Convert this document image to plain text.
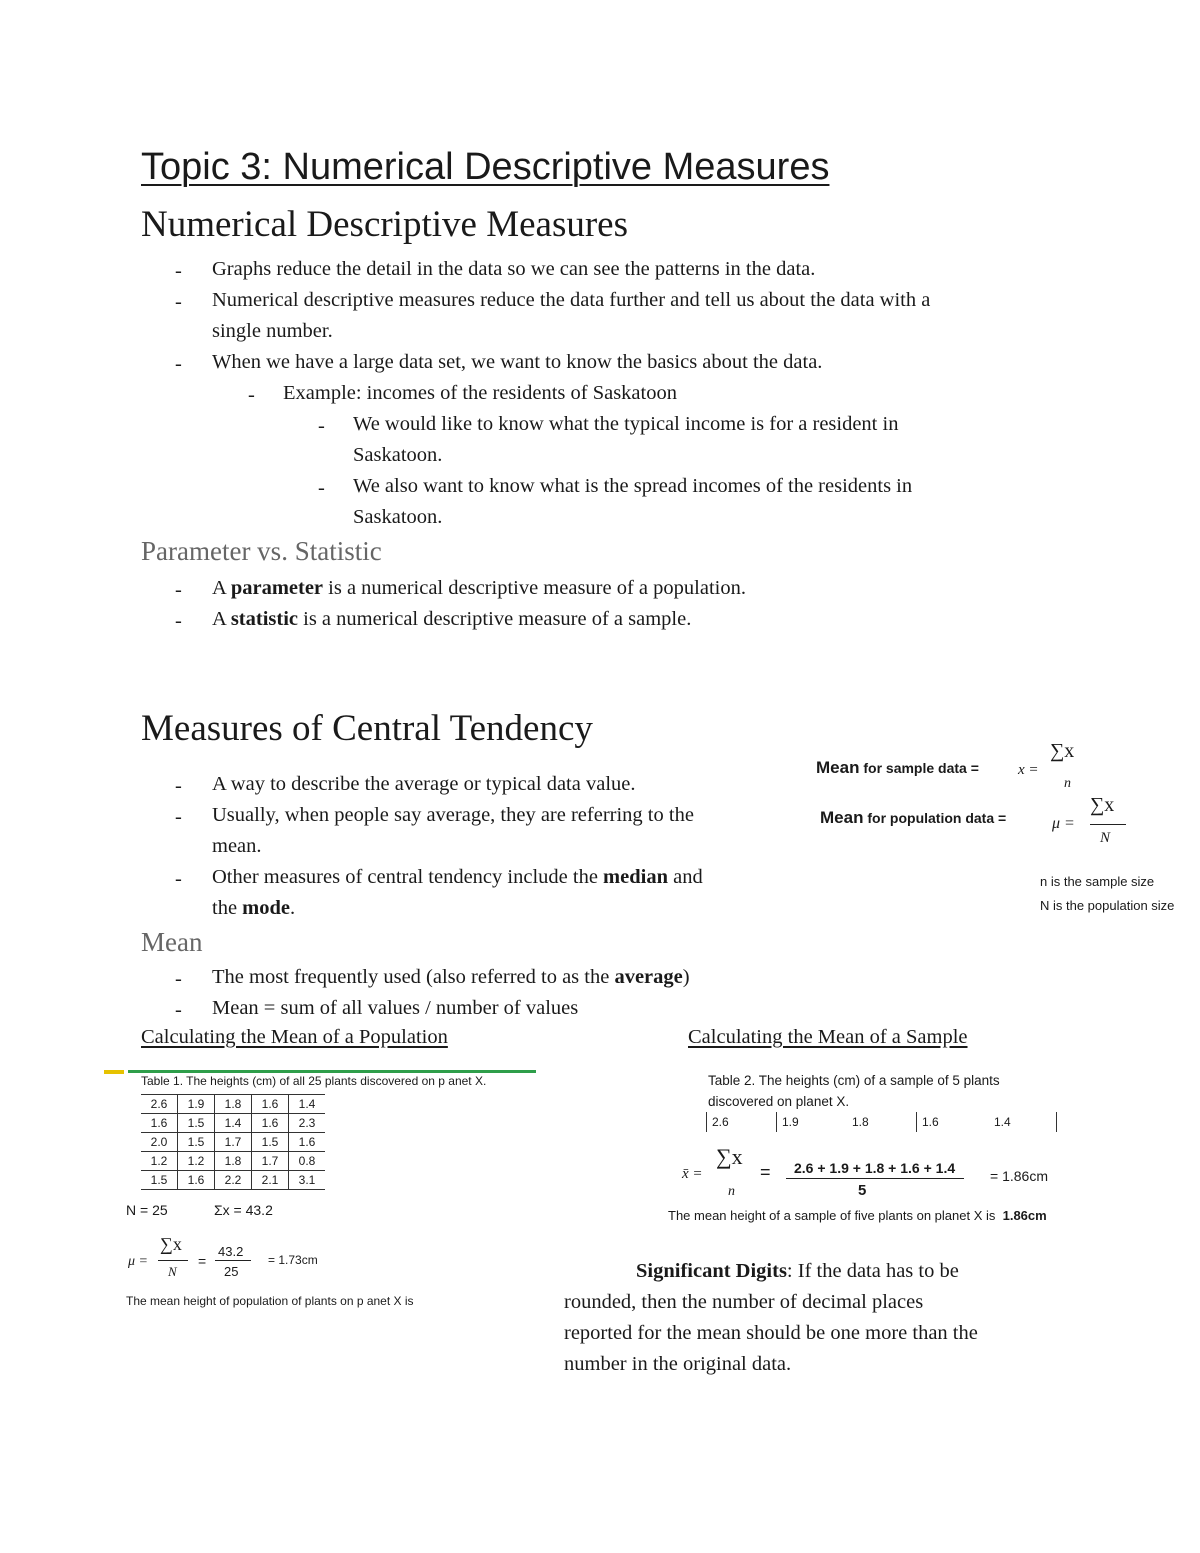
Topic 3: Numerical Descriptive Measures
Numerical Descriptive Measures
-	Graphs reduce the detail in the data so we can see the patterns in the data.
-	Numerical descriptive measures reduce the data further and tell us about the data with a
single number.
-	When we have a large data set, we want to know the basics about the data.
-	Example: incomes of the residents of Saskatoon
-	We would like to know what the typical income is for a resident in
Saskatoon.
-	We also want to know what is the spread incomes of the residents in
Saskatoon.
Parameter vs. Statistic
-	A parameter is a numerical descriptive measure of a population.
-	A statistic is a numerical descriptive measure of a sample.
Measures of Central Tendency
-	A way to describe the average or typical data value.
-	Usually, when people say average, they are referring to the
mean.
-	Other measures of central tendency include the median and
the mode.
Mean for sample data =	x =
∑x
n
Mean for population data =	μ =
∑x
N
n is the sample size
N is the population size
Mean
-	The most frequently used (also referred to as the average)
-	Mean = sum of all values / number of values
Calculating the Mean of a Population
Table 1. The heights (cm) of all 25 plants discovered on p anet X.
2.6	1.9	1.8	1.6	1.4
1.6	1.5	1.4	1.6	2.3
2.0	1.5	1.7	1.5	1.6
1.2	1.2	1.8	1.7	0.8
1.5	1.6	2.2	2.1	3.1
N = 25	Σx = 43.2
μ =
∑x
N
=
43.2
25
= 1.73cm
The mean height of population of plants on p anet X is
Calculating the Mean of a Sample
Table 2. The heights (cm) of a sample of 5 plants
discovered on planet X.
2.6	1.9	1.8	1.6	1.4
x̄ =
∑x
n
= 2.6 + 1.9 + 1.8 + 1.6 + 1.4
5
= 1.86cm
The mean height of a sample of five plants on planet X is 1.86cm
Significant Digits: If the data has to be
rounded, then the number of decimal places
reported for the mean should be one more than the
number in the original data.
